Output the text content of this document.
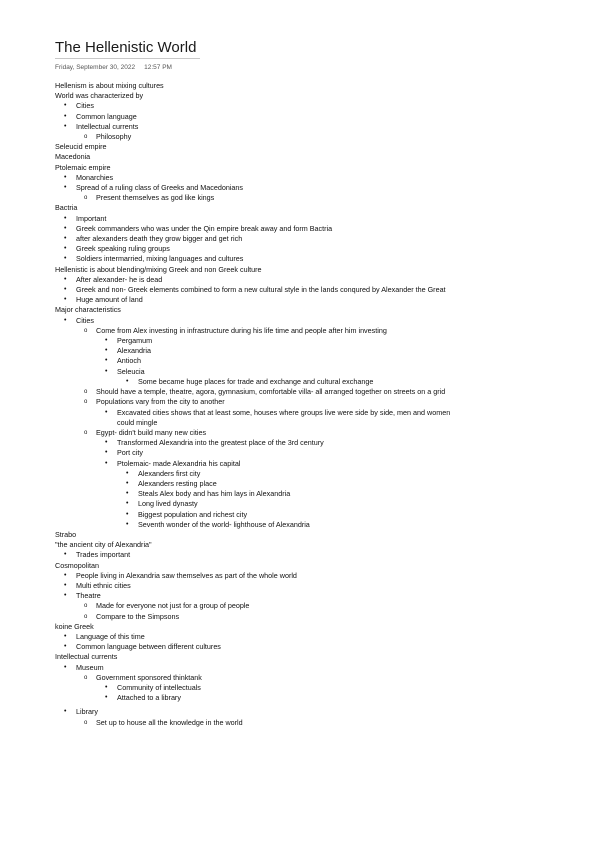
The Hellenistic World
Friday, September 30, 2022     12:57 PM
Hellenism is about mixing cultures
World was characterized by
• Cities
• Common language
• Intellectual currents
o Philosophy
Seleucid empire
Macedonia
Ptolemaic empire
• Monarchies
• Spread of a ruling class of Greeks and Macedonians
o Present themselves as god like kings
Bactria
• Important
• Greek commanders who was under the Qin empire break away and form Bactria
• after alexanders death they grow bigger and get rich
• Greek speaking ruling groups
• Soldiers intermarried, mixing languages and cultures
Hellenistic is about blending/mixing Greek and non Greek culture
• After alexander- he is dead
• Greek and non- Greek elements combined to form a new cultural style in the lands conqured by Alexander the Great
• Huge amount of land
Major characteristics
• Cities
o Come from Alex investing in infrastructure during his life time and people after him investing
• Pergamum
• Alexandria
• Antioch
• Seleucia
• Some became huge places for trade and exchange and cultural exchange
o Should have a temple, theatre, agora, gymnasium, comfortable villa- all arranged together on streets on a grid
o Populations vary from the city to another
• Excavated cities shows that at least some, houses where groups live were side by side, men and women could mingle
o Egypt- didn't build many new cities
• Transformed Alexandria into the greatest place of the 3rd century
• Port city
• Ptolemaic- made Alexandria his capital
• Alexanders first city
• Alexanders resting place
• Steals Alex body and has him lays in Alexandria
• Long lived dynasty
• Biggest population and richest city
• Seventh wonder of the world- lighthouse of Alexandria
Strabo
"the ancient city of Alexandria"
• Trades important
Cosmopolitan
• People living in Alexandria saw themselves as part of the whole world
• Multi ethnic cities
• Theatre
o Made for everyone not just for a group of people
o Compare to the Simpsons
koine Greek
• Language of this time
• Common language between different cultures
Intellectual currents
• Museum
o Government sponsored thinktank
• Community of intellectuals
• Attached to a library
• Library
o Set up to house all the knowledge in the world
